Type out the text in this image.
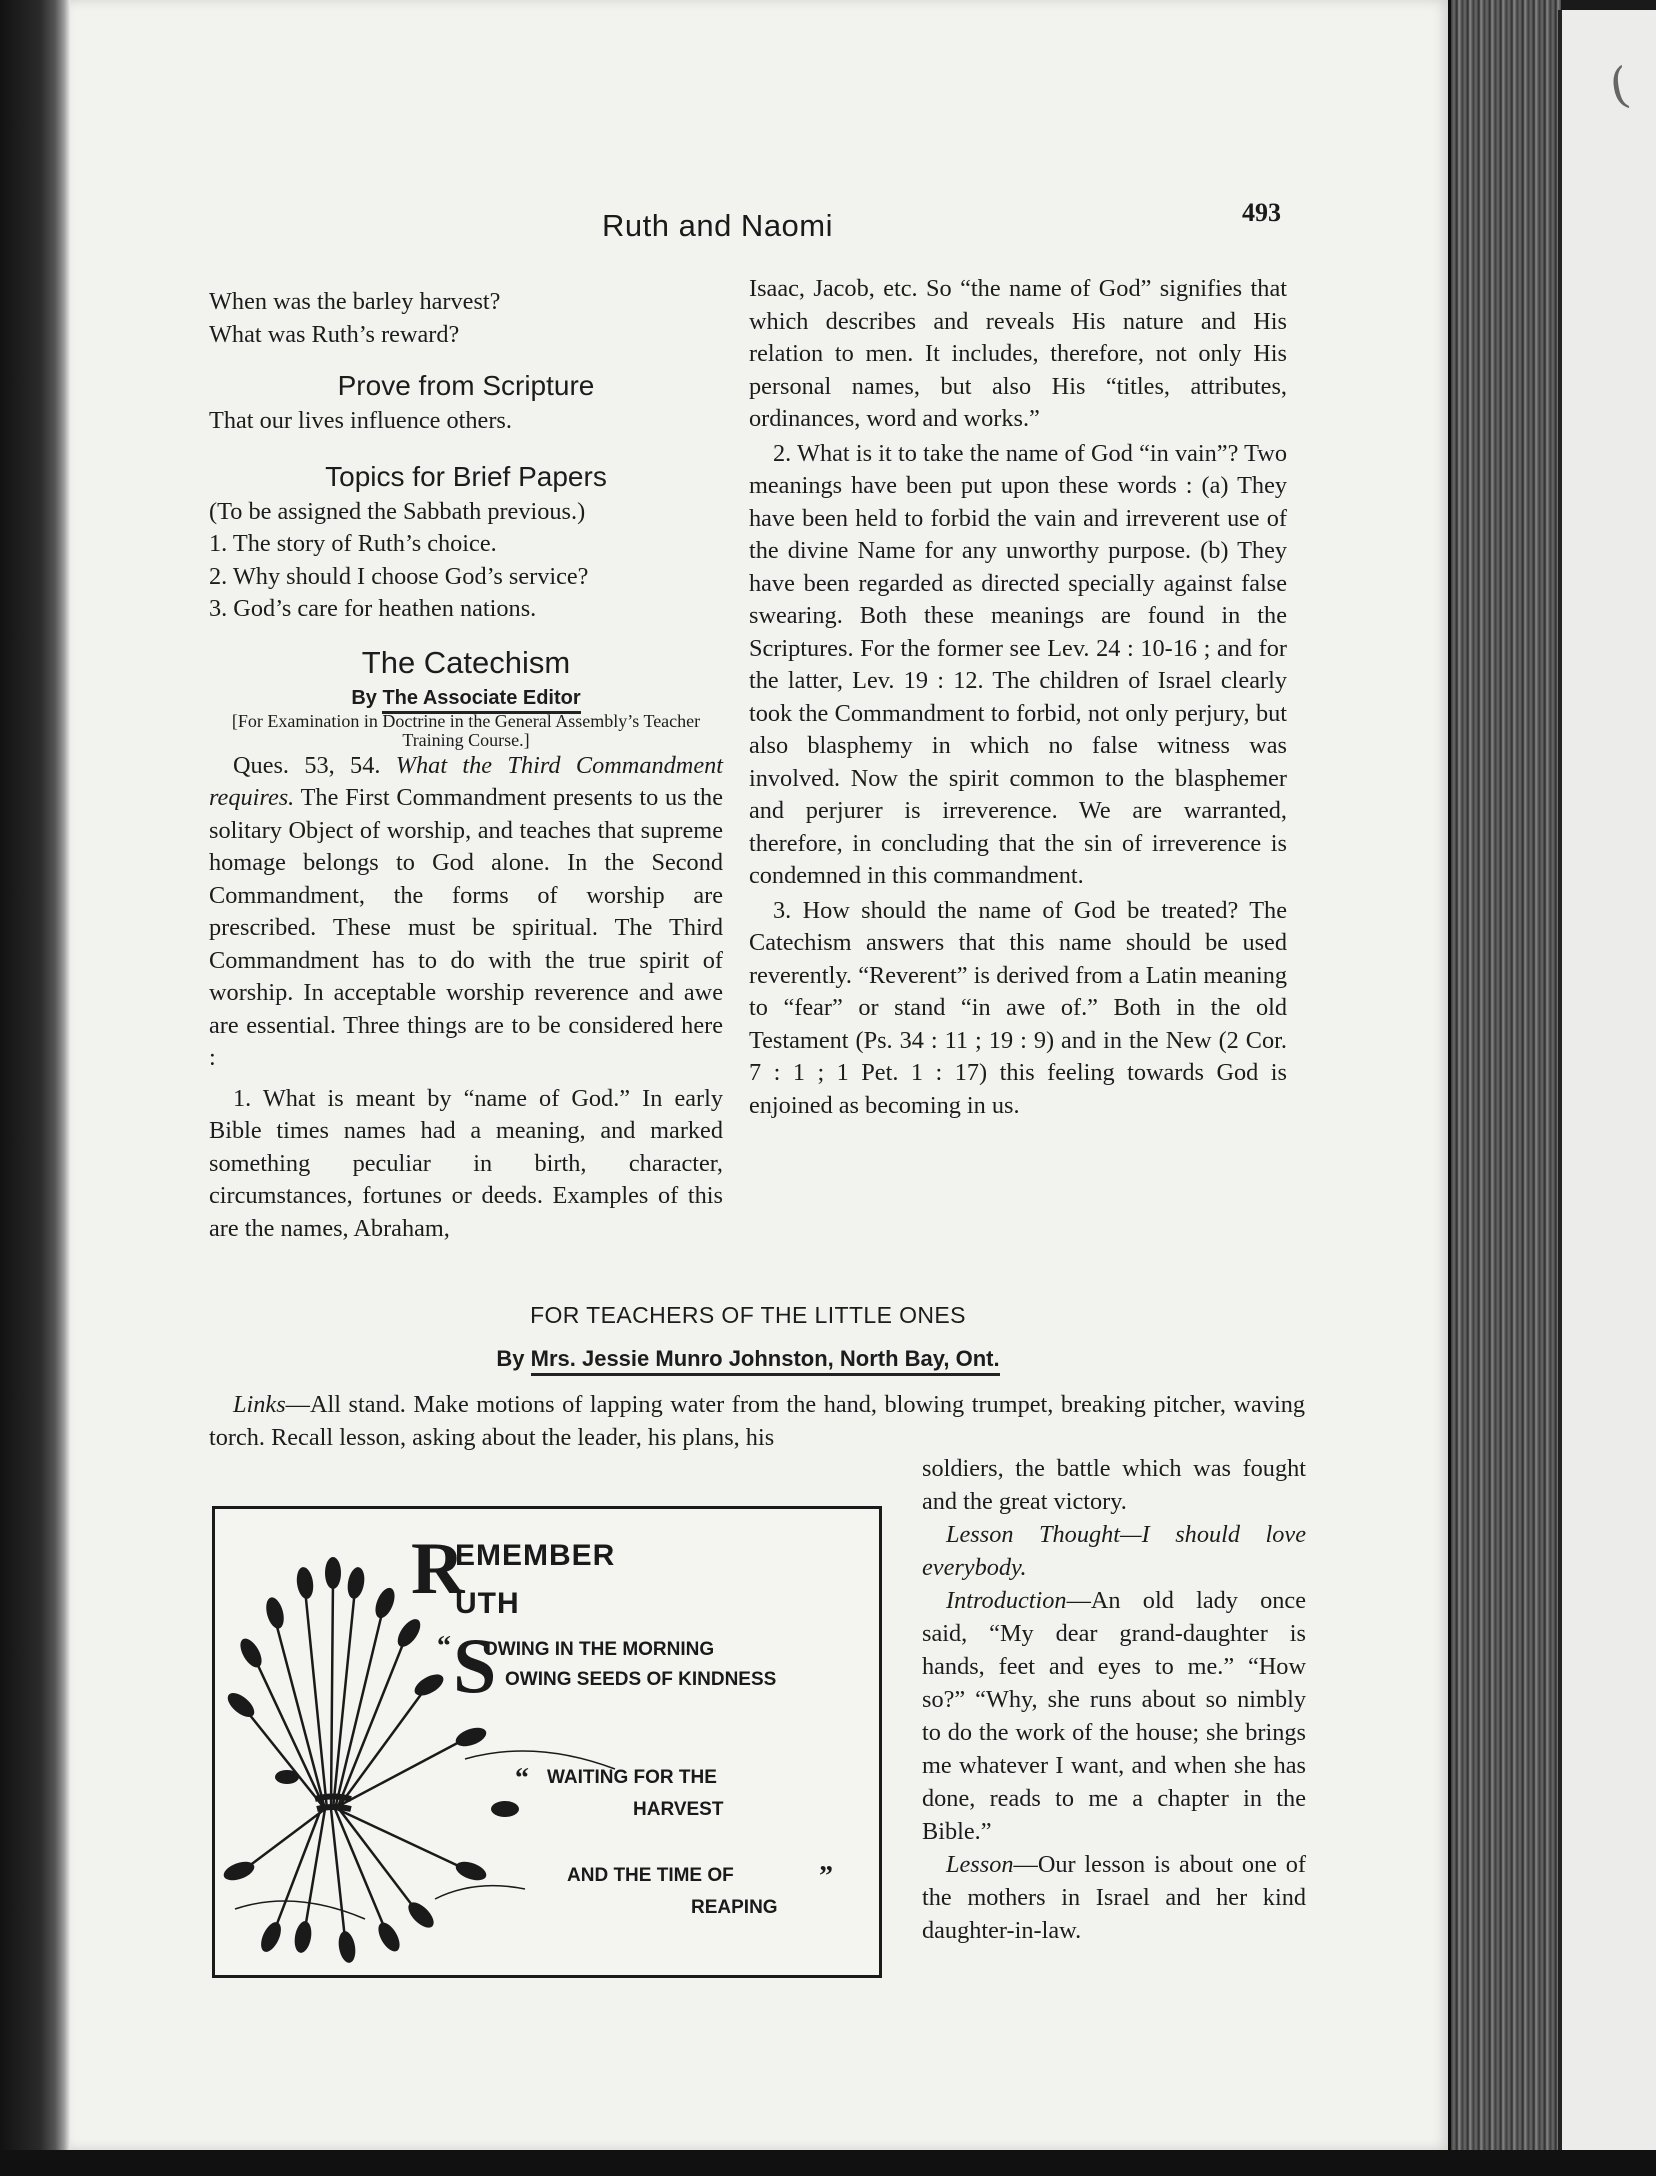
(
Ruth and Naomi	493

When was the barley harvest?

What was Ruth’s reward?

Prove from Scripture

That our lives influence others.

Topics for Brief Papers

(To be assigned the Sabbath previous.)

1. The story of Ruth’s choice.
2. Why should I choose God’s service?
3. God’s care for heathen nations.
The Catechism
By The Associate Editor

[For Examination in Doctrine in the General Assembly’s Teacher Training Course.]

Ques. 53, 54. What the Third Commandment requires. The First Commandment presents to us the solitary Object of worship, and teaches that supreme homage belongs to God alone. In the Second Commandment, the forms of worship are prescribed. These must be spiritual. The Third Commandment has to do with the true spirit of worship. In acceptable worship reverence and awe are essential. Three things are to be considered here :

1. What is meant by “name of God.” In early Bible times names had a meaning, and marked something peculiar in birth, character, circumstances, fortunes or deeds. Examples of this are the names, Abraham,

Isaac, Jacob, etc. So “the name of God” signifies that which describes and reveals His nature and His relation to men. It includes, therefore, not only His personal names, but also His “titles, attributes, ordinances, word and works.”

2. What is it to take the name of God “in vain”? Two meanings have been put upon these words : (a) They have been held to forbid the vain and irreverent use of the divine Name for any unworthy purpose. (b) They have been regarded as directed specially against false swearing. Both these meanings are found in the Scriptures. For the former see Lev. 24 : 10-16 ; and for the latter, Lev. 19 : 12. The children of Israel clearly took the Commandment to forbid, not only perjury, but also blasphemy in which no false witness was involved. Now the spirit common to the blasphemer and perjurer is irreverence. We are warranted, therefore, in concluding that the sin of irreverence is condemned in this commandment.

3. How should the name of God be treated? The Catechism answers that this name should be used reverently. “Reverent” is derived from a Latin meaning to “fear” or stand “in awe of.” Both in the old Testament (Ps. 34 : 11 ; 19 : 9) and in the New (2 Cor. 7 : 1 ; 1 Pet. 1 : 17) this feeling towards God is enjoined as becoming in us.

FOR TEACHERS OF THE LITTLE ONES
By Mrs. Jessie Munro Johnston, North Bay, Ont.

Links—All stand. Make motions of lapping water from the hand, blowing trumpet, breaking pitcher, waving torch. Recall lesson, asking about the leader, his plans, his

soldiers, the battle which was fought and the great victory.

Lesson Thought—I should love everybody.

Introduction—An old lady once said, “My dear grand-daughter is hands, feet and eyes to me.” “How so?” “Why, she runs about so nimbly to do the work of the house; she brings me whatever I want, and when she has done, reads to me a chapter in the Bible.”

Lesson—Our lesson is about one of the mothers in Israel and her kind daughter-in-law.

R
EMEMBER
UTH
“ S
OWING IN THE MORNING
OWING SEEDS OF KINDNESS
“ WAITING FOR THE
HARVEST
AND THE TIME OF
REAPING
”
